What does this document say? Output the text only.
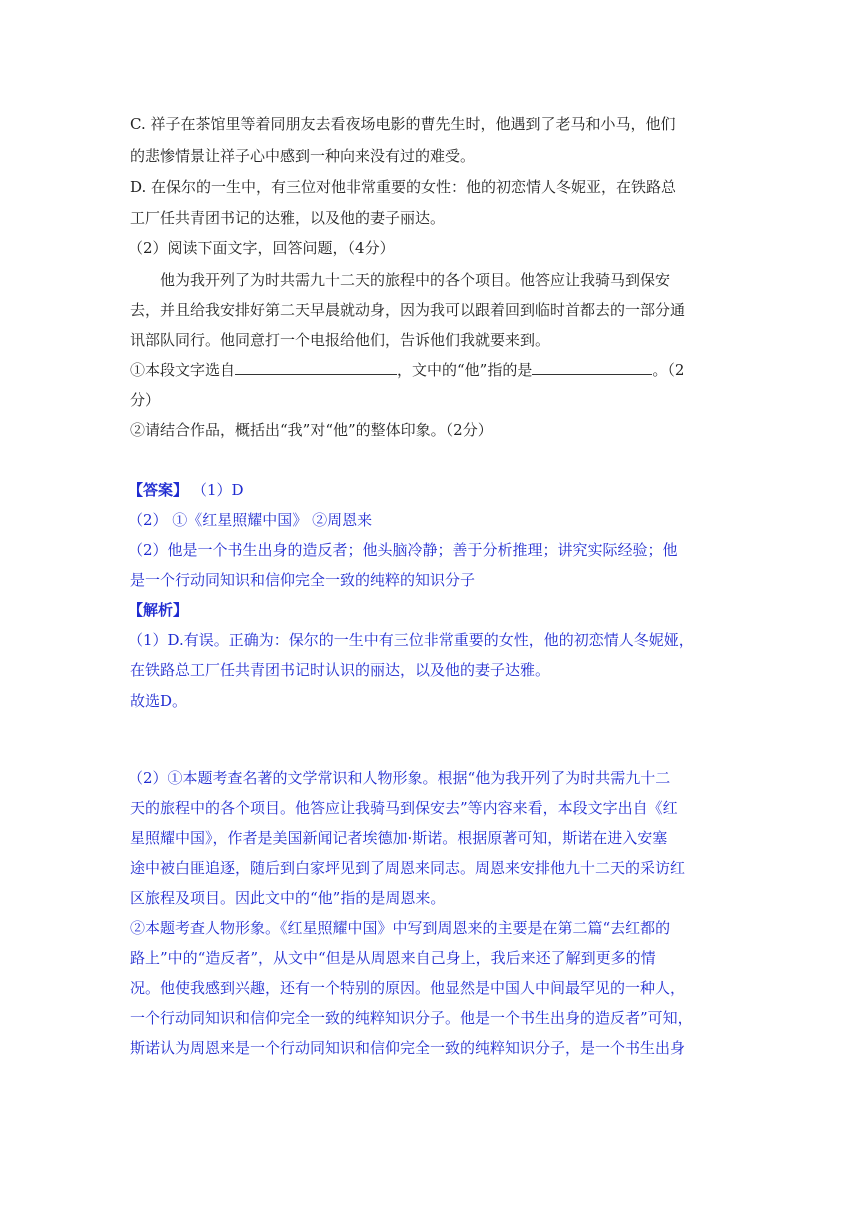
C. 祥子在茶馆里等着同朋友去看夜场电影的曹先生时，他遇到了老马和小马，他们
的悲惨情景让祥子心中感到一种向来没有过的难受。
D. 在保尔的一生中，有三位对他非常重要的女性：他的初恋情人冬妮亚，在铁路总
工厂任共青团书记的达雅，以及他的妻子丽达。
（2）阅读下面文字，回答问题，（4分）
他为我开列了为时共需九十二天的旅程中的各个项目。他答应让我骑马到保安
去，并且给我安排好第二天早晨就动身，因为我可以跟着回到临时首都去的一部分通
讯部队同行。他同意打一个电报给他们，告诉他们我就要来到。
①本段文字选自	，文中的“他”指的是	。（2
分）
②请结合作品，概括出“我”对“他”的整体印象。（2分）
【答案】 （1）D
（2） ①《红星照耀中国》 ②周恩来
（2）他是一个书生出身的造反者；他头脑冷静；善于分析推理；讲究实际经验；他
是一个行动同知识和信仰完全一致的纯粹的知识分子
【解析】
（1）D.有误。正确为：保尔的一生中有三位非常重要的女性，他的初恋情人冬妮娅，
在铁路总工厂任共青团书记时认识的丽达，以及他的妻子达雅。
故选D。
（2）①本题考查名著的文学常识和人物形象。根据“他为我开列了为时共需九十二
天的旅程中的各个项目。他答应让我骑马到保安去”等内容来看，本段文字出自《红
星照耀中国》，作者是美国新闻记者埃德加·斯诺。根据原著可知，斯诺在进入安塞
途中被白匪追逐，随后到白家坪见到了周恩来同志。周恩来安排他九十二天的采访红
区旅程及项目。因此文中的“他”指的是周恩来。
②本题考查人物形象。《红星照耀中国》中写到周恩来的主要是在第二篇“去红都的
路上”中的“造反者”，从文中“但是从周恩来自己身上，我后来还了解到更多的情
况。他使我感到兴趣，还有一个特别的原因。他显然是中国人中间最罕见的一种人，
一个行动同知识和信仰完全一致的纯粹知识分子。他是一个书生出身的造反者”可知，
斯诺认为周恩来是一个行动同知识和信仰完全一致的纯粹知识分子，是一个书生出身
